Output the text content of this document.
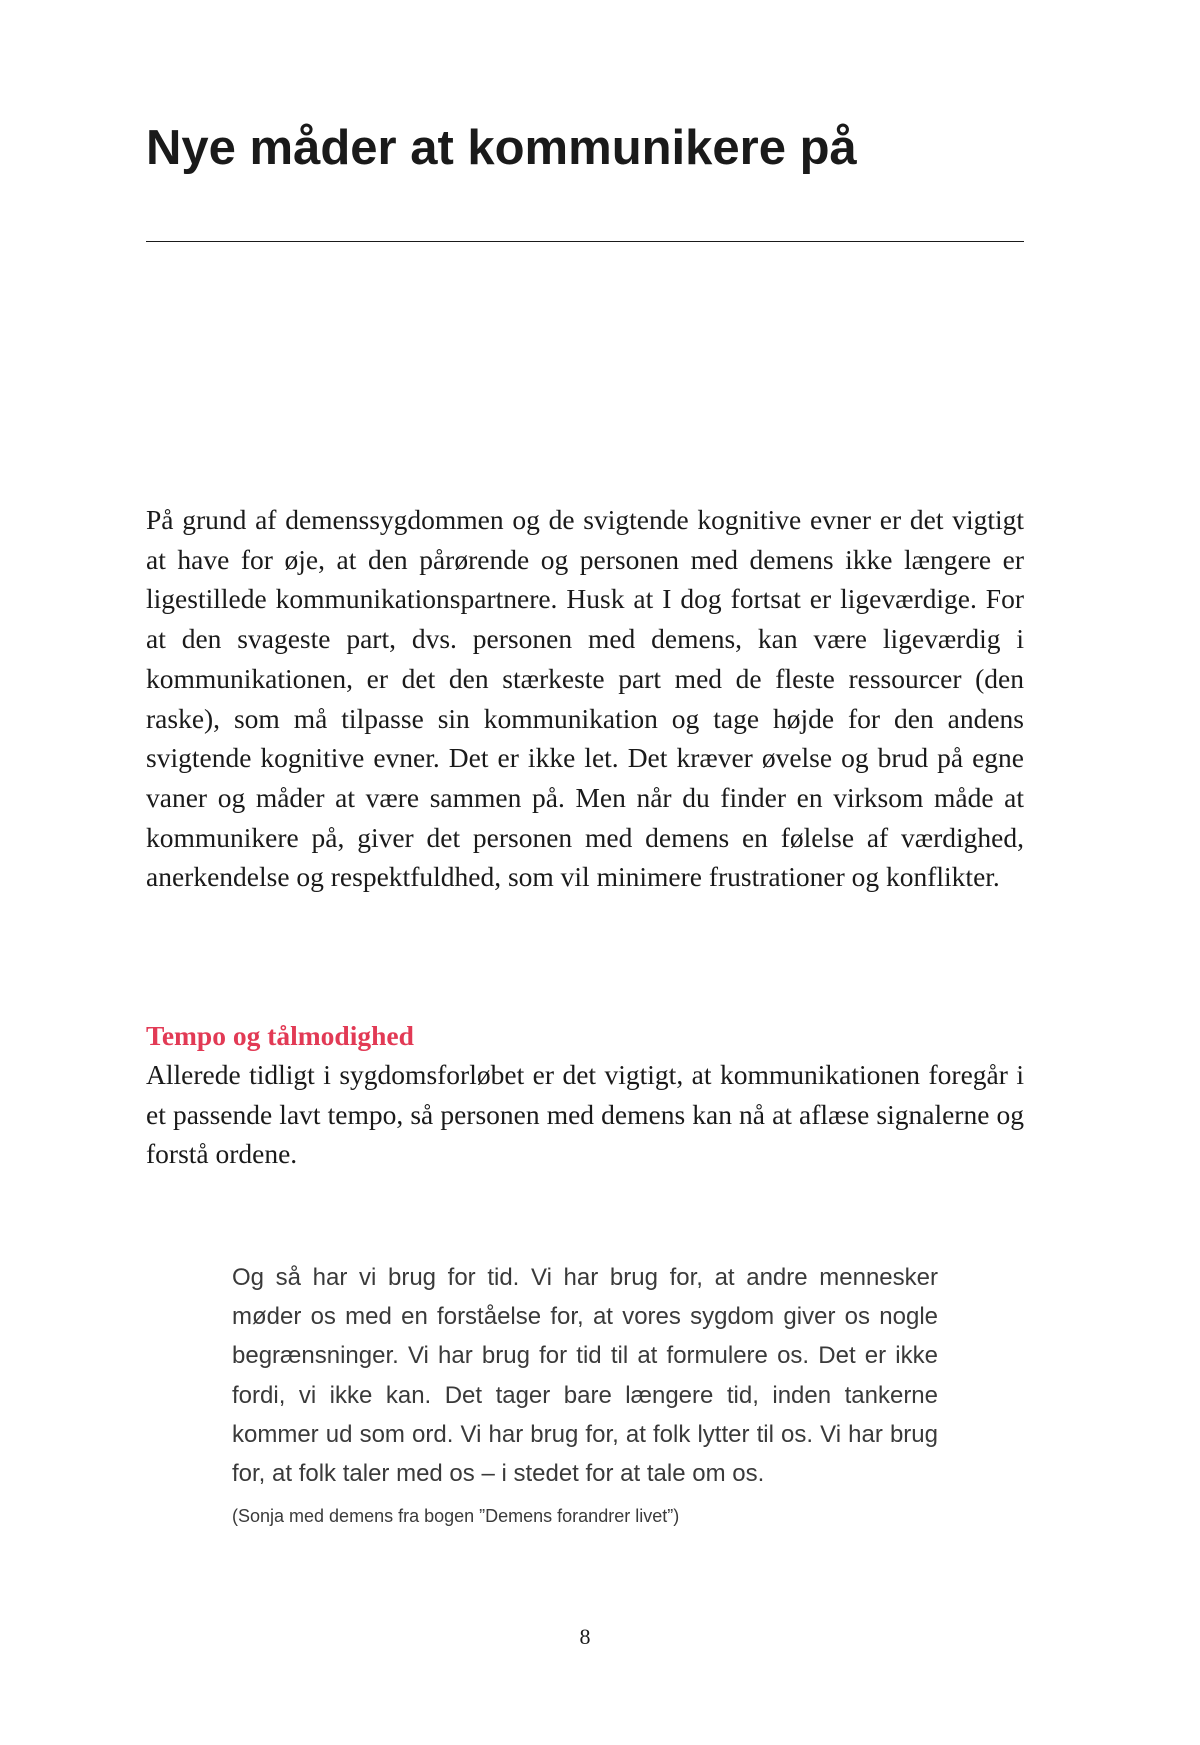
Nye måder at kommunikere på

På grund af demenssygdommen og de svigtende kognitive evner er det vigtigt at have for øje, at den pårørende og personen med demens ikke længere er ligestillede kommunikationspartnere. Husk at I dog fortsat er ligeværdige. For at den svageste part, dvs. personen med demens, kan være ligeværdig i kommunikationen, er det den stærkeste part med de fleste ressourcer (den raske), som må tilpasse sin kommunikation og tage højde for den andens svigtende kognitive evner. Det er ikke let. Det kræver øvelse og brud på egne vaner og måder at være sammen på. Men når du finder en virksom måde at kommunikere på, giver det personen med demens en følelse af værdighed, anerkendelse og respektfuldhed, som vil minimere frustrationer og konflikter.

Tempo og tålmodighed

Allerede tidligt i sygdomsforløbet er det vigtigt, at kommunikationen foregår i et passende lavt tempo, så personen med demens kan nå at aflæse signalerne og forstå ordene.

Og så har vi brug for tid. Vi har brug for, at andre mennesker møder os med en forståelse for, at vores sygdom giver os nogle begrænsninger. Vi har brug for tid til at formulere os. Det er ikke fordi, vi ikke kan. Det tager bare længere tid, inden tankerne kommer ud som ord. Vi har brug for, at folk lytter til os. Vi har brug for, at folk taler med os – i stedet for at tale om os.

(Sonja med demens fra bogen ”Demens forandrer livet”)

8
